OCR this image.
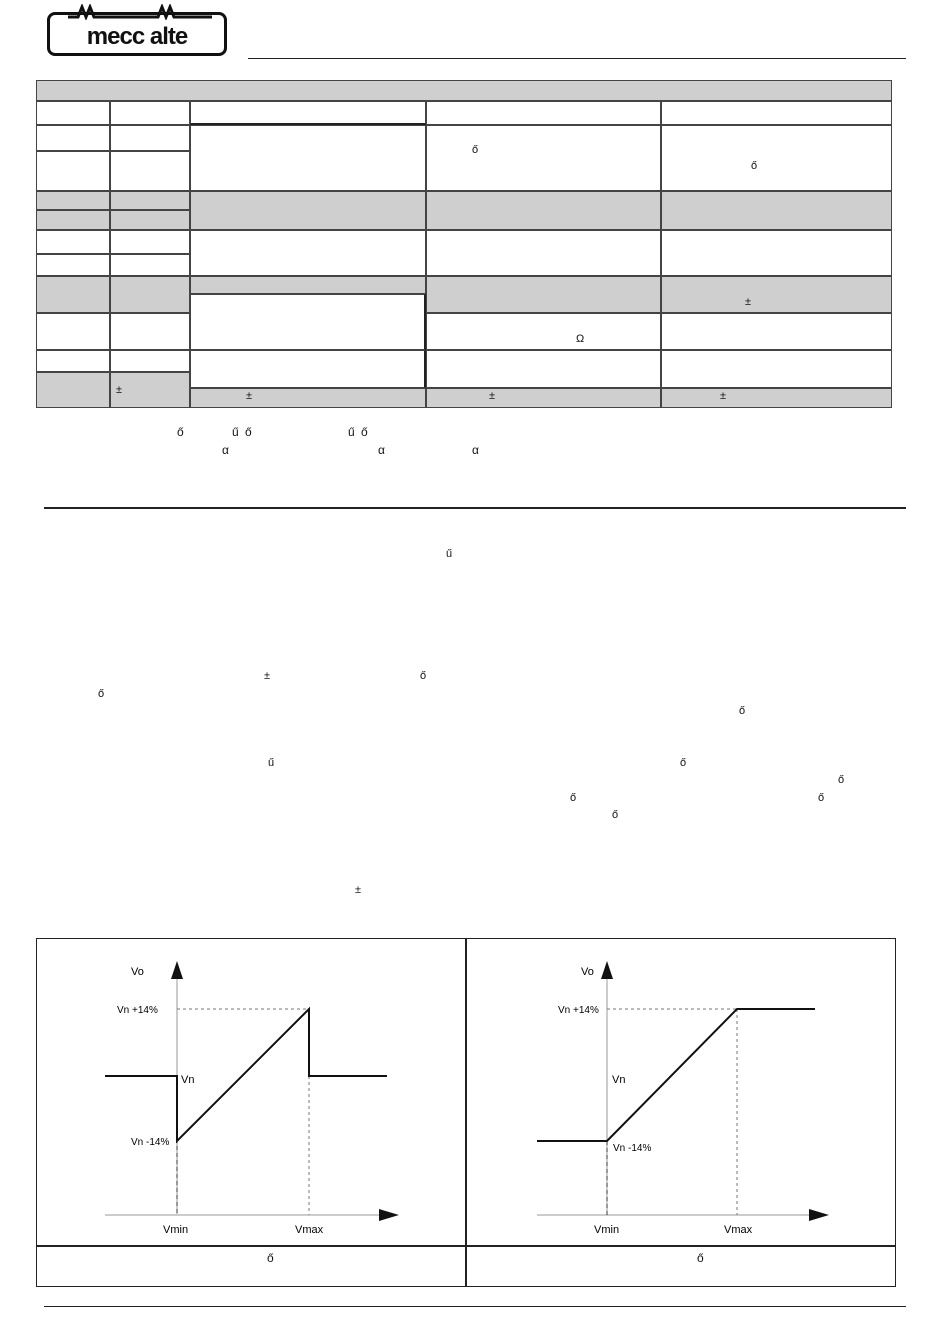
mecc alte
ő
ő
±
Ω
±	±	±	±
ő	ű ő	ű ő
α	α	α
ű
±	ő
ő
ő
ű	ő
ő
ő	ő
ő
±
Vo
Vn +14%
Vn
Vn -14%
Vmin	Vmax
Vo
Vn +14%
Vn
Vn -14%
Vmin	Vmax
ő	ő
